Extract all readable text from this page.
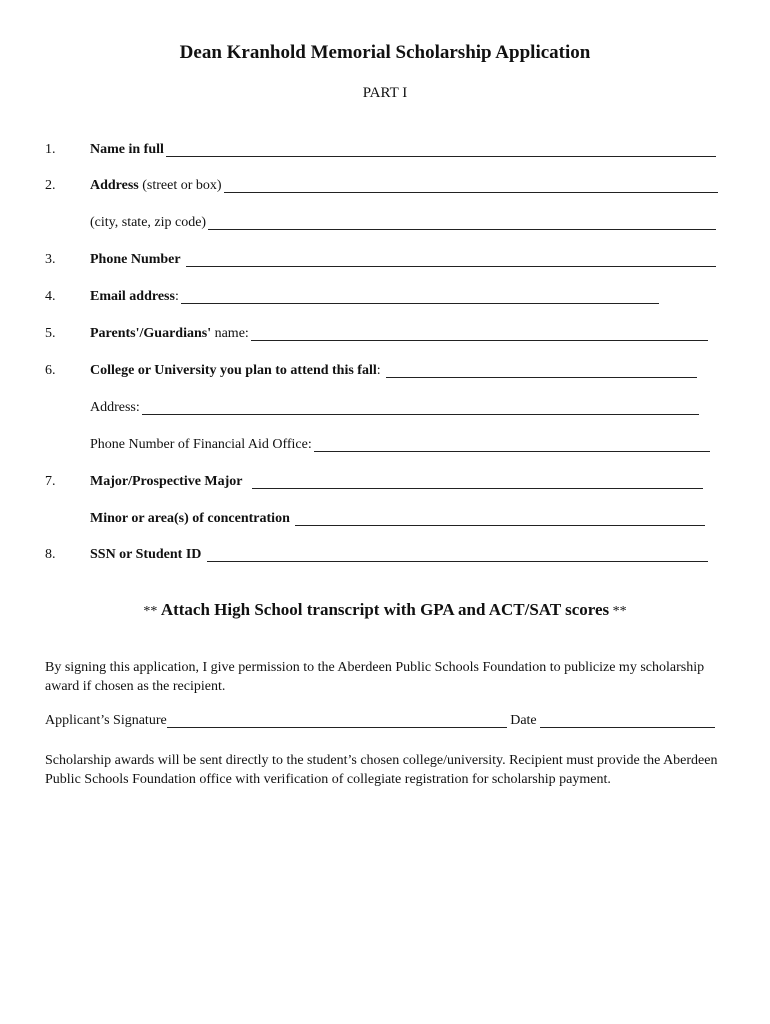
Dean Kranhold Memorial Scholarship Application
PART I
1. Name in full
2. Address (street or box)
(city, state, zip code)
3. Phone Number
4. Email address:
5. Parents'/Guardians' name:
6. College or University you plan to attend this fall:
Address:
Phone Number of Financial Aid Office:
7. Major/Prospective Major
Minor or area(s) of concentration
8. SSN or Student ID
** Attach High School transcript with GPA and ACT/SAT scores **
By signing this application, I give permission to the Aberdeen Public Schools Foundation to publicize my scholarship award if chosen as the recipient.
Applicant’s Signature	Date
Scholarship awards will be sent directly to the student’s chosen college/university. Recipient must provide the Aberdeen Public Schools Foundation office with verification of collegiate registration for scholarship payment.
